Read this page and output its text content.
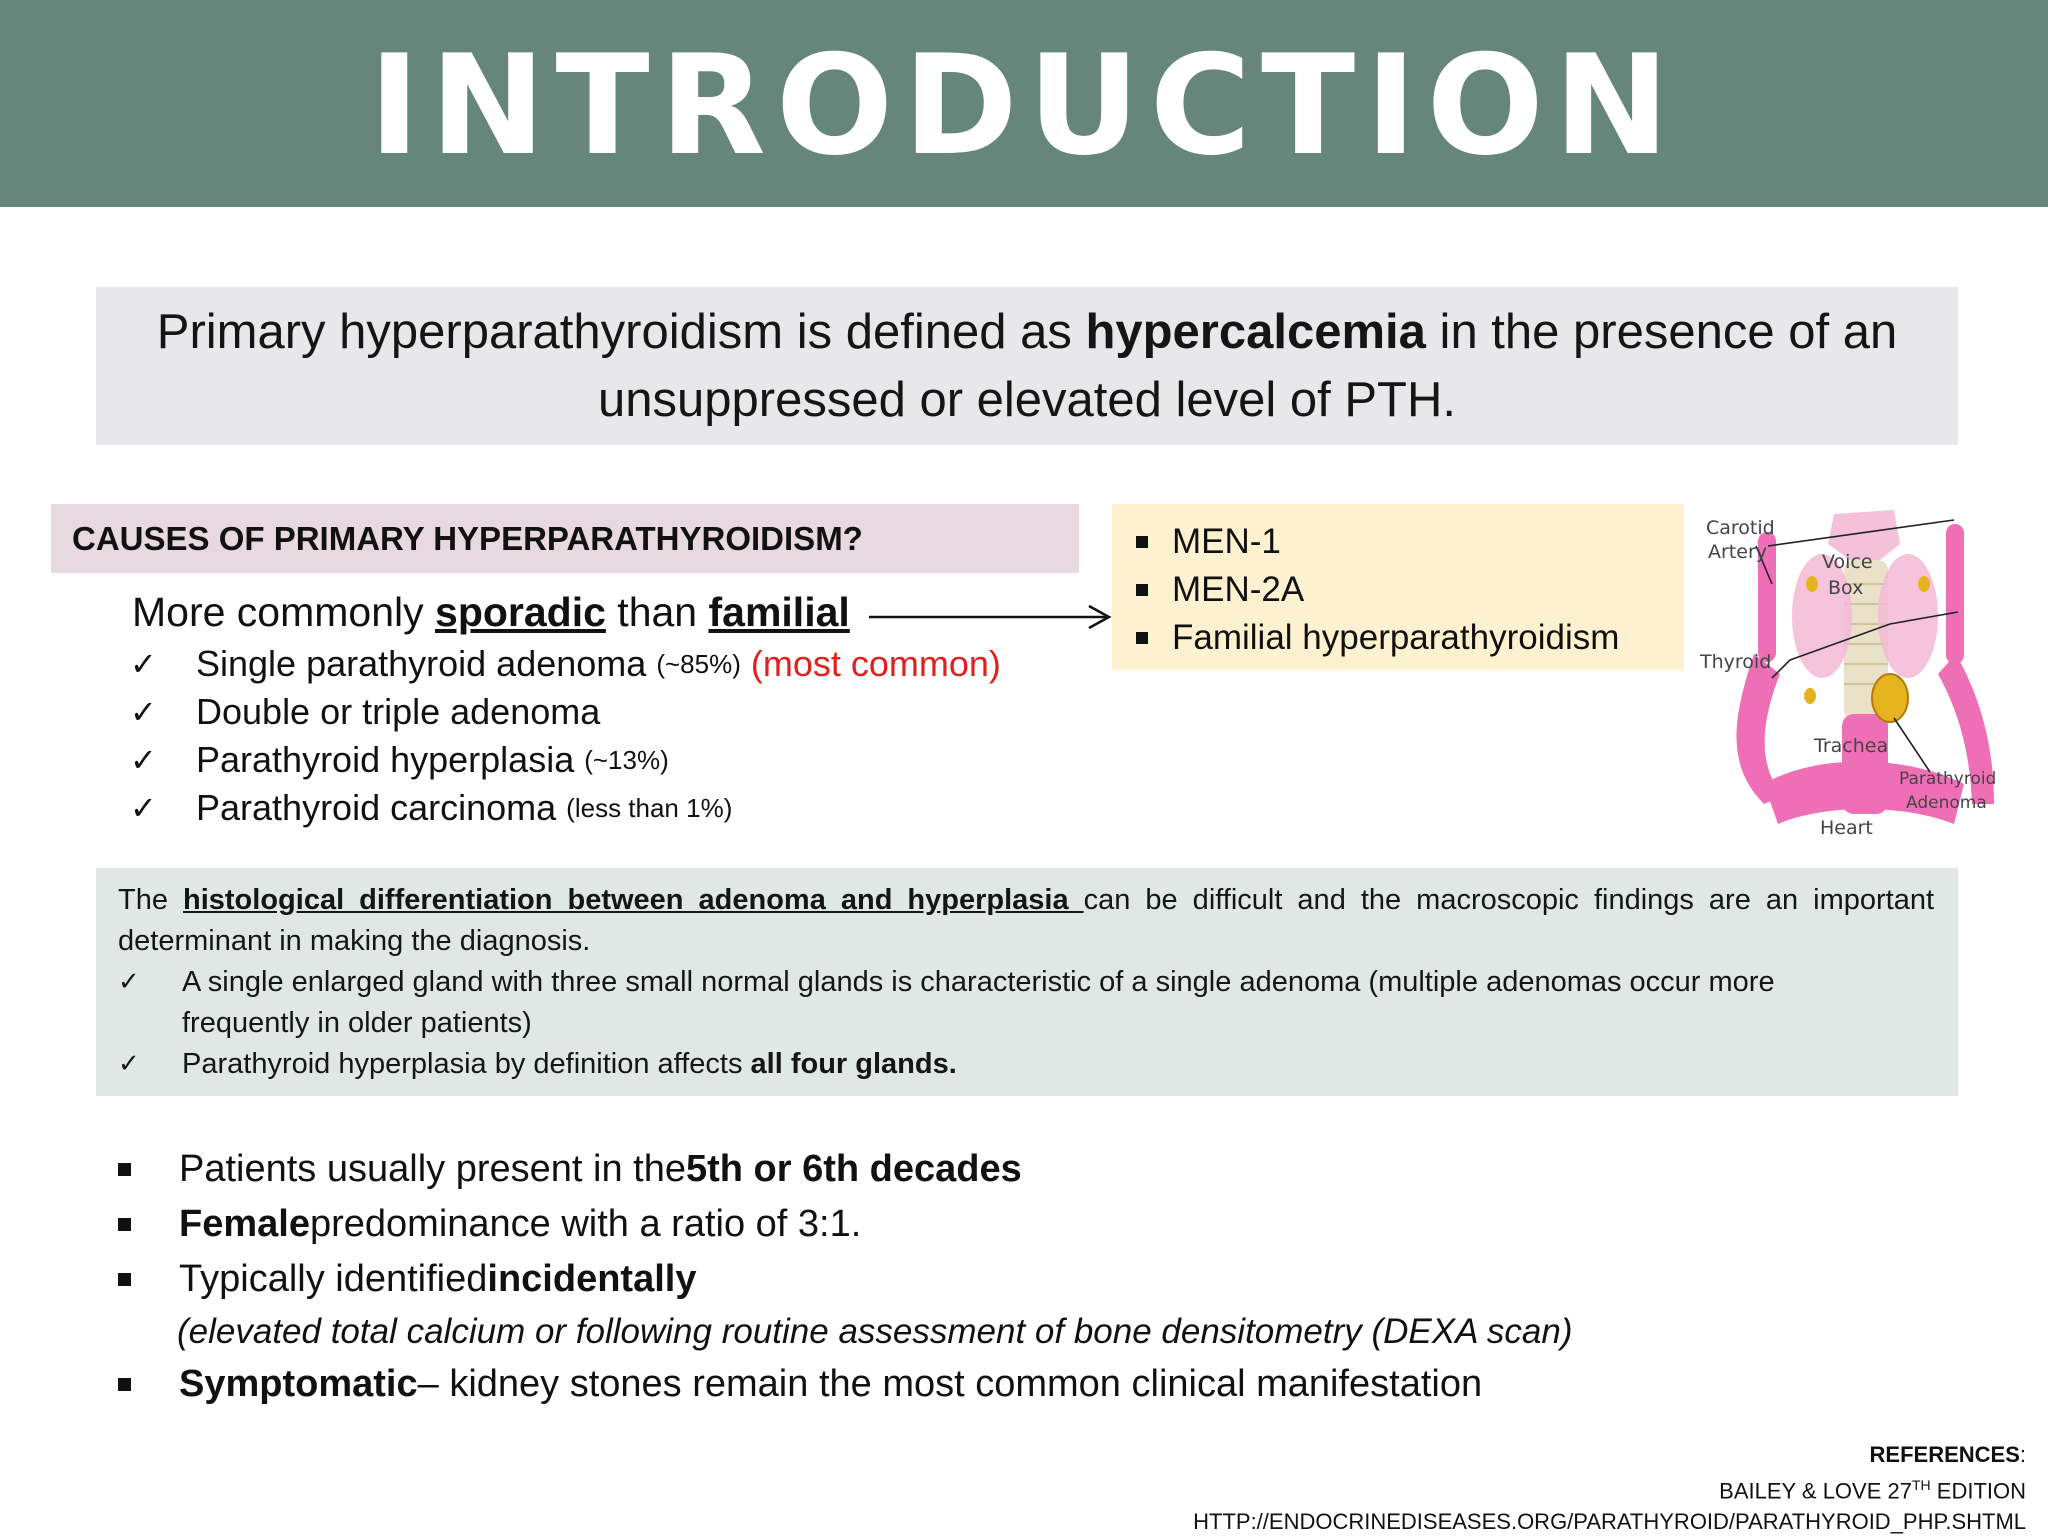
INTRODUCTION
Primary hyperparathyroidism is defined as hypercalcemia in the presence of an unsuppressed or elevated level of PTH.
CAUSES OF PRIMARY HYPERPARATHYROIDISM?
More commonly sporadic than familial
✓	Single parathyroid adenoma (~85%) (most common)
✓	Double or triple adenoma
✓	Parathyroid hyperplasia (~13%)
✓	Parathyroid carcinoma (less than 1%)
MEN-1
MEN-2A
Familial hyperparathyroidism
Carotid
Artery	Voice
Box
Thyroid
Trachea
Parathyroid
Adenoma
Heart
The histological differentiation between adenoma and hyperplasia can be difficult and the macroscopic findings are an important
determinant in making the diagnosis.
✓	A single enlarged gland with three small normal glands is characteristic of a single adenoma (multiple adenomas occur more
frequently in older patients)
✓	Parathyroid hyperplasia by definition affects all four glands.
Patients usually present in the 5th or 6th decades
Female predominance with a ratio of 3:1.
Typically identified incidentally
(elevated total calcium or following routine assessment of bone densitometry (DEXA scan)
Symptomatic – kidney stones remain the most common clinical manifestation
REFERENCES:
BAILEY & LOVE 27TH EDITION
HTTP://ENDOCRINEDISEASES.ORG/PARATHYROID/PARATHYROID_PHP.SHTML
